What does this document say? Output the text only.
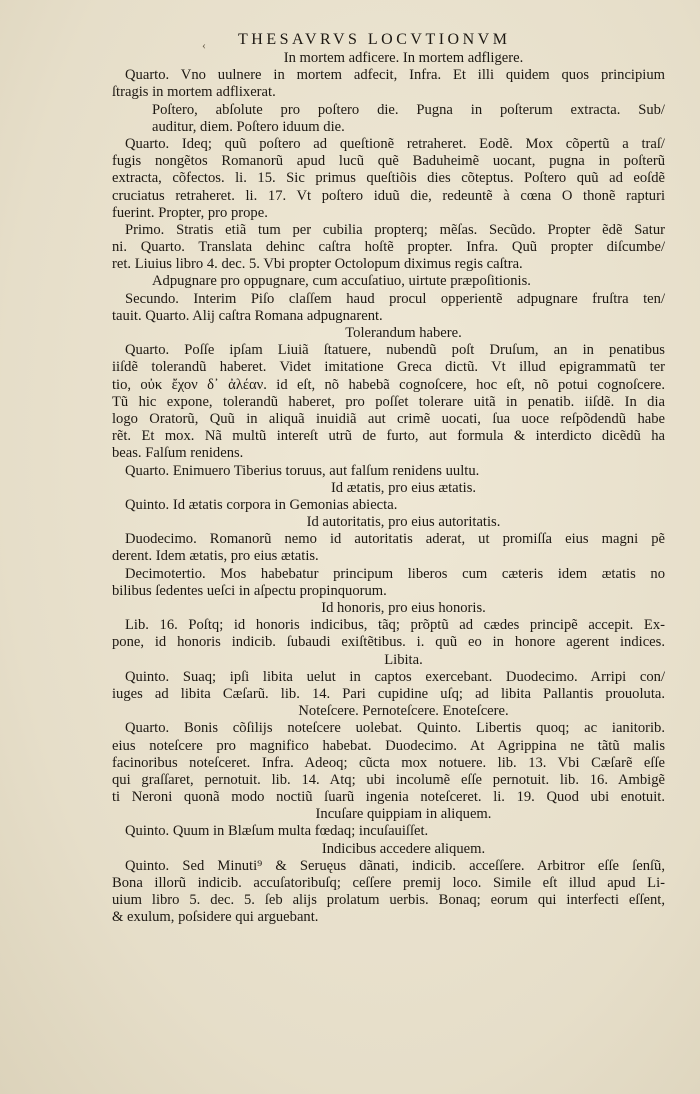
‹ THESAVRVS LOCVTIONVM
In mortem adficere. In mortem adfligere.
Quarto. Vno uulnere in mortem adfecit, Infra. Et illi quidem quos principium
ſtragis in mortem adflixerat.
Poſtero, abſolute pro poſtero die. Pugna in poſterum extracta. Sub/
auditur, diem. Poſtero iduum die.
Quarto. Ideq; quũ poſtero ad queſtionẽ retraheret. Eodẽ. Mox cõpertũ a traſ/
fugis nongẽtos Romanorũ apud lucũ quẽ Baduheimẽ uocant, pugna in poſterũ
extracta, cõfectos. li. 15. Sic primus queſtiõis dies cõteptus. Poſtero quũ ad eoſdẽ
cruciatus retraheret. li. 17. Vt poſtero iduũ die, redeuntẽ à cœna O thonẽ rapturi
fuerint. Propter, pro prope.
Primo. Stratis etiã tum per cubilia propterq; mẽſas. Secũdo. Propter ẽdẽ Satur
ni. Quarto. Translata dehinc caſtra hoſtẽ propter. Infra. Quũ propter diſcumbe/
ret. Liuius libro 4. dec. 5. Vbi propter Octolopum diximus regis caſtra.
Adpugnare pro oppugnare, cum accuſatiuo, uirtute præpoſitionis.
Secundo. Interim Piſo claſſem haud procul opperientẽ adpugnare fruſtra ten/
tauit. Quarto. Alij caſtra Romana adpugnarent.
Tolerandum habere.
Quarto. Poſſe ipſam Liuiã ſtatuere, nubendũ poſt Druſum, an in penatibus
iiſdẽ tolerandũ haberet. Videt imitatione Greca dictũ. Vt illud epigrammatũ ter
tio, οὐκ ἔχον δ᾽ ἀλέαν. id eſt, nõ habebã cognoſcere, hoc eſt, nõ potui cognoſcere.
Tũ hic expone, tolerandũ haberet, pro poſſet tolerare uitã in penatib. iiſdẽ. In dia
logo Oratorũ, Quũ in aliquã inuidiã aut crimẽ uocati, ſua uoce reſpõdendũ habe
rẽt. Et mox. Nã multũ intereſt utrũ de furto, aut formula & interdicto dicẽdũ ha
beas. Falſum renidens.
Quarto. Enimuero Tiberius toruus, aut falſum renidens uultu.
Id ætatis, pro eius ætatis.
Quinto. Id ætatis corpora in Gemonias abiecta.
Id autoritatis, pro eius autoritatis.
Duodecimo. Romanorũ nemo id autoritatis aderat, ut promiſſa eius magni pẽ
derent. Idem ætatis, pro eius ætatis.
Decimotertio. Mos habebatur principum liberos cum cæteris idem ætatis no
bilibus ſedentes ueſci in aſpectu propinquorum.
Id honoris, pro eius honoris.
Lib. 16. Poſtq; id honoris indicibus, tãq; prõptũ ad cædes principẽ accepit. Ex-
pone, id honoris indicib. ſubaudi exiſtẽtibus. i. quũ eo in honore agerent indices.
Libita.
Quinto. Suaq; ipſi libita uelut in captos exercebant. Duodecimo. Arripi con/
iuges ad libita Cæſarũ. lib. 14. Pari cupidine uſq; ad libita Pallantis prouoluta.
Noteſcere. Pernoteſcere. Enoteſcere.
Quarto. Bonis cõſilijs noteſcere uolebat. Quinto. Libertis quoq; ac ianitorib.
eius noteſcere pro magnifico habebat. Duodecimo. At Agrippina ne tãtũ malis
facinoribus noteſceret. Infra. Adeoq; cũcta mox notuere. lib. 13. Vbi Cæſarẽ eſſe
qui graſſaret, pernotuit. lib. 14. Atq; ubi incolumẽ eſſe pernotuit. lib. 16. Ambigẽ
ti Neroni quonã modo noctiũ ſuarũ ingenia noteſceret. li. 19. Quod ubi enotuit.
Incuſare quippiam in aliquem.
Quinto. Quum in Blæſum multa fœdaq; incuſauiſſet.
Indicibus accedere aliquem.
Quinto. Sed Minuti⁹ & Seruęus dãnati, indicib. acceſſere. Arbitror eſſe ſenſũ,
Bona illorũ indicib. accuſatoribuſq; ceſſere premij loco. Simile eſt illud apud Li-
uium libro 5. dec. 5. ſeb alijs prolatum uerbis. Bonaq; eorum qui interfecti eſſent,
& exulum, poſsidere qui arguebant.
